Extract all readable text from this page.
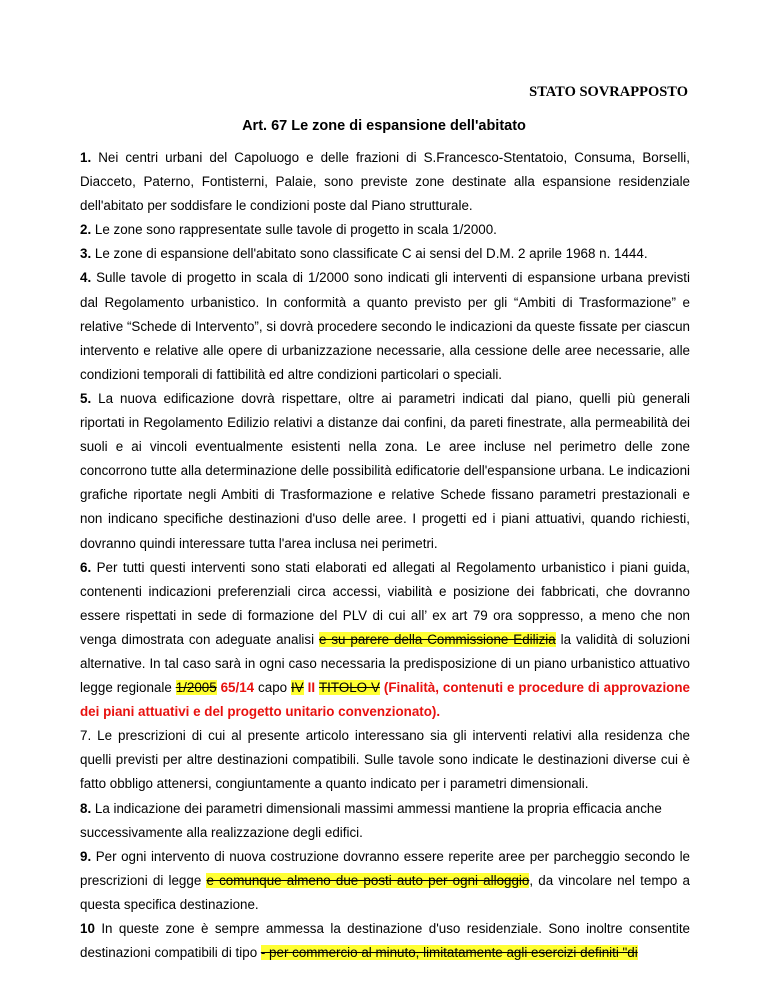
STATO SOVRAPPOSTO
Art. 67 Le zone di espansione dell'abitato

1. Nei centri urbani del Capoluogo e delle frazioni di S.Francesco-Stentatoio, Consuma, Borselli, Diacceto, Paterno, Fontisterni, Palaie, sono previste zone destinate alla espansione residenziale dell'abitato per soddisfare le condizioni poste dal Piano strutturale.

2. Le zone sono rappresentate sulle tavole di progetto in scala 1/2000.

3. Le zone di espansione dell'abitato sono classificate C ai sensi del D.M. 2 aprile 1968 n. 1444.

4. Sulle tavole di progetto in scala di 1/2000 sono indicati gli interventi di espansione urbana previsti dal Regolamento urbanistico. In conformità a quanto previsto per gli “Ambiti di Trasformazione” e relative “Schede di Intervento”, si dovrà procedere secondo le indicazioni da queste fissate per ciascun intervento e relative alle opere di urbanizzazione necessarie, alla cessione delle aree necessarie, alle condizioni temporali di fattibilità ed altre condizioni particolari o speciali.

5. La nuova edificazione dovrà rispettare, oltre ai parametri indicati dal piano, quelli più generali riportati in Regolamento Edilizio relativi a distanze dai confini, da pareti finestrate, alla permeabilità dei suoli e ai vincoli eventualmente esistenti nella zona. Le aree incluse nel perimetro delle zone concorrono tutte alla determinazione delle possibilità edificatorie dell'espansione urbana. Le indicazioni grafiche riportate negli Ambiti di Trasformazione e relative Schede fissano parametri prestazionali e non indicano specifiche destinazioni d'uso delle aree. I progetti ed i piani attuativi, quando richiesti, dovranno quindi interessare tutta l'area inclusa nei perimetri.

6. Per tutti questi interventi sono stati elaborati ed allegati al Regolamento urbanistico i piani guida, contenenti indicazioni preferenziali circa accessi, viabilità e posizione dei fabbricati, che dovranno essere rispettati in sede di formazione del PLV di cui all’ ex art 79 ora soppresso, a meno che non venga dimostrata con adeguate analisi e su parere della Commissione Edilizia la validità di soluzioni alternative. In tal caso sarà in ogni caso necessaria la predisposizione di un piano urbanistico attuativo legge regionale 1/2005 65/14 capo IV II TITOLO V (Finalità, contenuti e procedure di approvazione dei piani attuativi e del progetto unitario convenzionato).

7. Le prescrizioni di cui al presente articolo interessano sia gli interventi relativi alla residenza che quelli previsti per altre destinazioni compatibili. Sulle tavole sono indicate le destinazioni diverse cui è fatto obbligo attenersi, congiuntamente a quanto indicato per i parametri dimensionali.

8. La indicazione dei parametri dimensionali massimi ammessi mantiene la propria efficacia anche successivamente alla realizzazione degli edifici.

9. Per ogni intervento di nuova costruzione dovranno essere reperite aree per parcheggio secondo le prescrizioni di legge e comunque almeno due posti auto per ogni alloggio, da vincolare nel tempo a questa specifica destinazione.

10 In queste zone è sempre ammessa la destinazione d'uso residenziale. Sono inoltre consentite destinazioni compatibili di tipo - per commercio al minuto, limitatamente agli esercizi definiti "di
